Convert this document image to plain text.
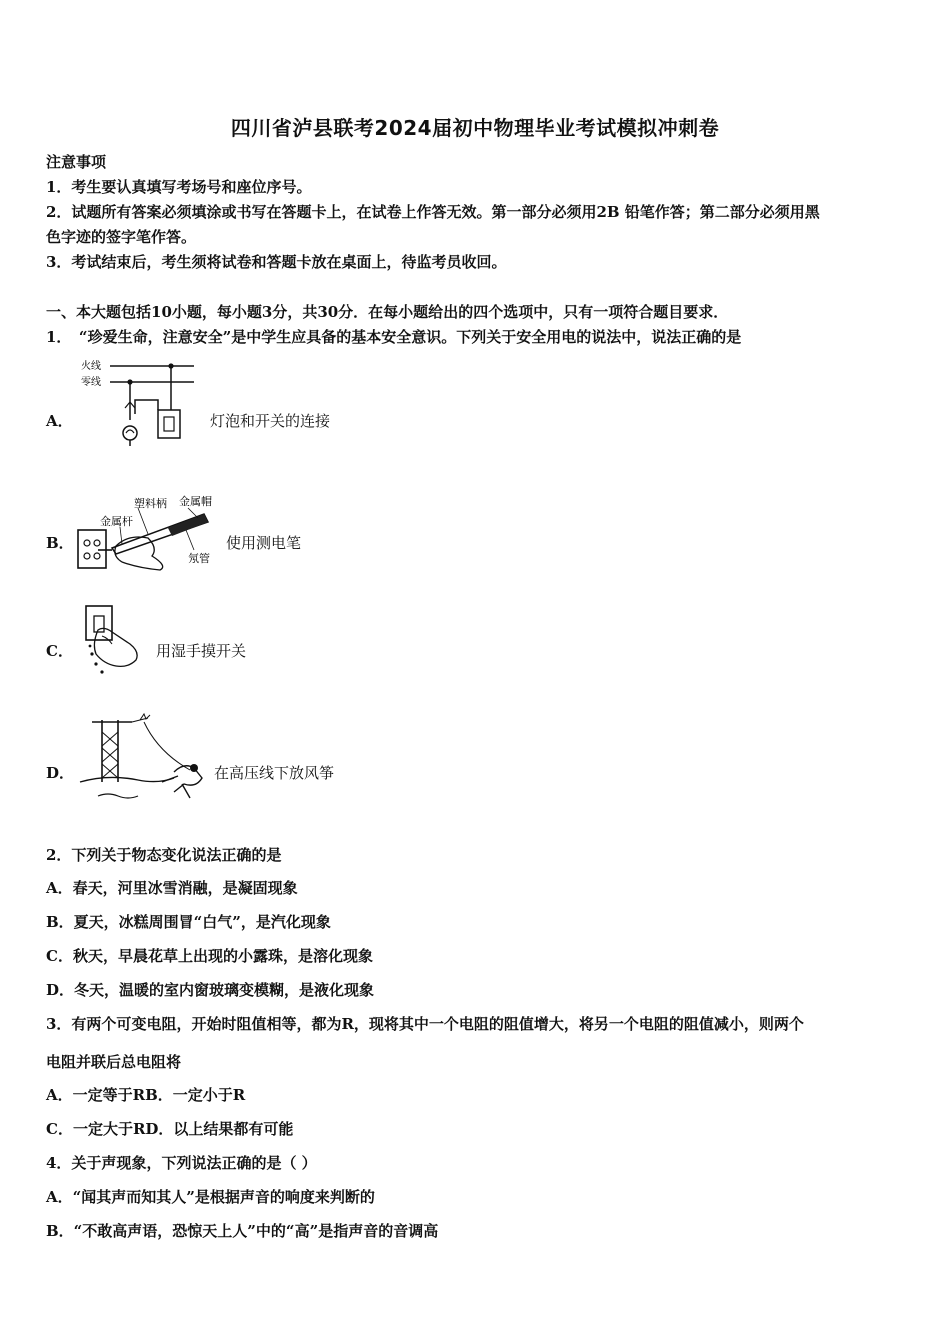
四川省泸县联考2024届初中物理毕业考试模拟冲刺卷
注意事项
1．考生要认真填写考场号和座位序号。
2．试题所有答案必须填涂或书写在答题卡上，在试卷上作答无效。第一部分必须用2B 铅笔作答；第二部分必须用黑
色字迹的签字笔作答。
3．考试结束后，考生须将试卷和答题卡放在桌面上，待监考员收回。
一、本大题包括10小题，每小题3分，共30分．在每小题给出的四个选项中，只有一项符合题目要求．
1．　“珍爱生命，注意安全”是中学生应具备的基本安全意识。下列关于安全用电的说法中，说法正确的是
A．
火线
零线
灯泡和开关的连接
B．
塑料柄 金属帽
金属杆
氖管
使用测电笔
C．	用湿手摸开关
D．	在高压线下放风筝
2．下列关于物态变化说法正确的是
A．春天，河里冰雪消融，是凝固现象
B．夏天，冰糕周围冒“白气”，是汽化现象
C．秋天，早晨花草上出现的小露珠，是溶化现象
D．冬天，温暖的室内窗玻璃变模糊，是液化现象
3．有两个可变电阻，开始时阻值相等，都为R，现将其中一个电阻的阻值增大，将另一个电阻的阻值减小，则两个
电阻并联后总电阻将
A．一定等于RB．一定小于R
C．一定大于RD．以上结果都有可能
4．关于声现象，下列说法正确的是（ ）
A．“闻其声而知其人”是根据声音的响度来判断的
B．“不敢高声语，恐惊天上人”中的“高”是指声音的音调高
